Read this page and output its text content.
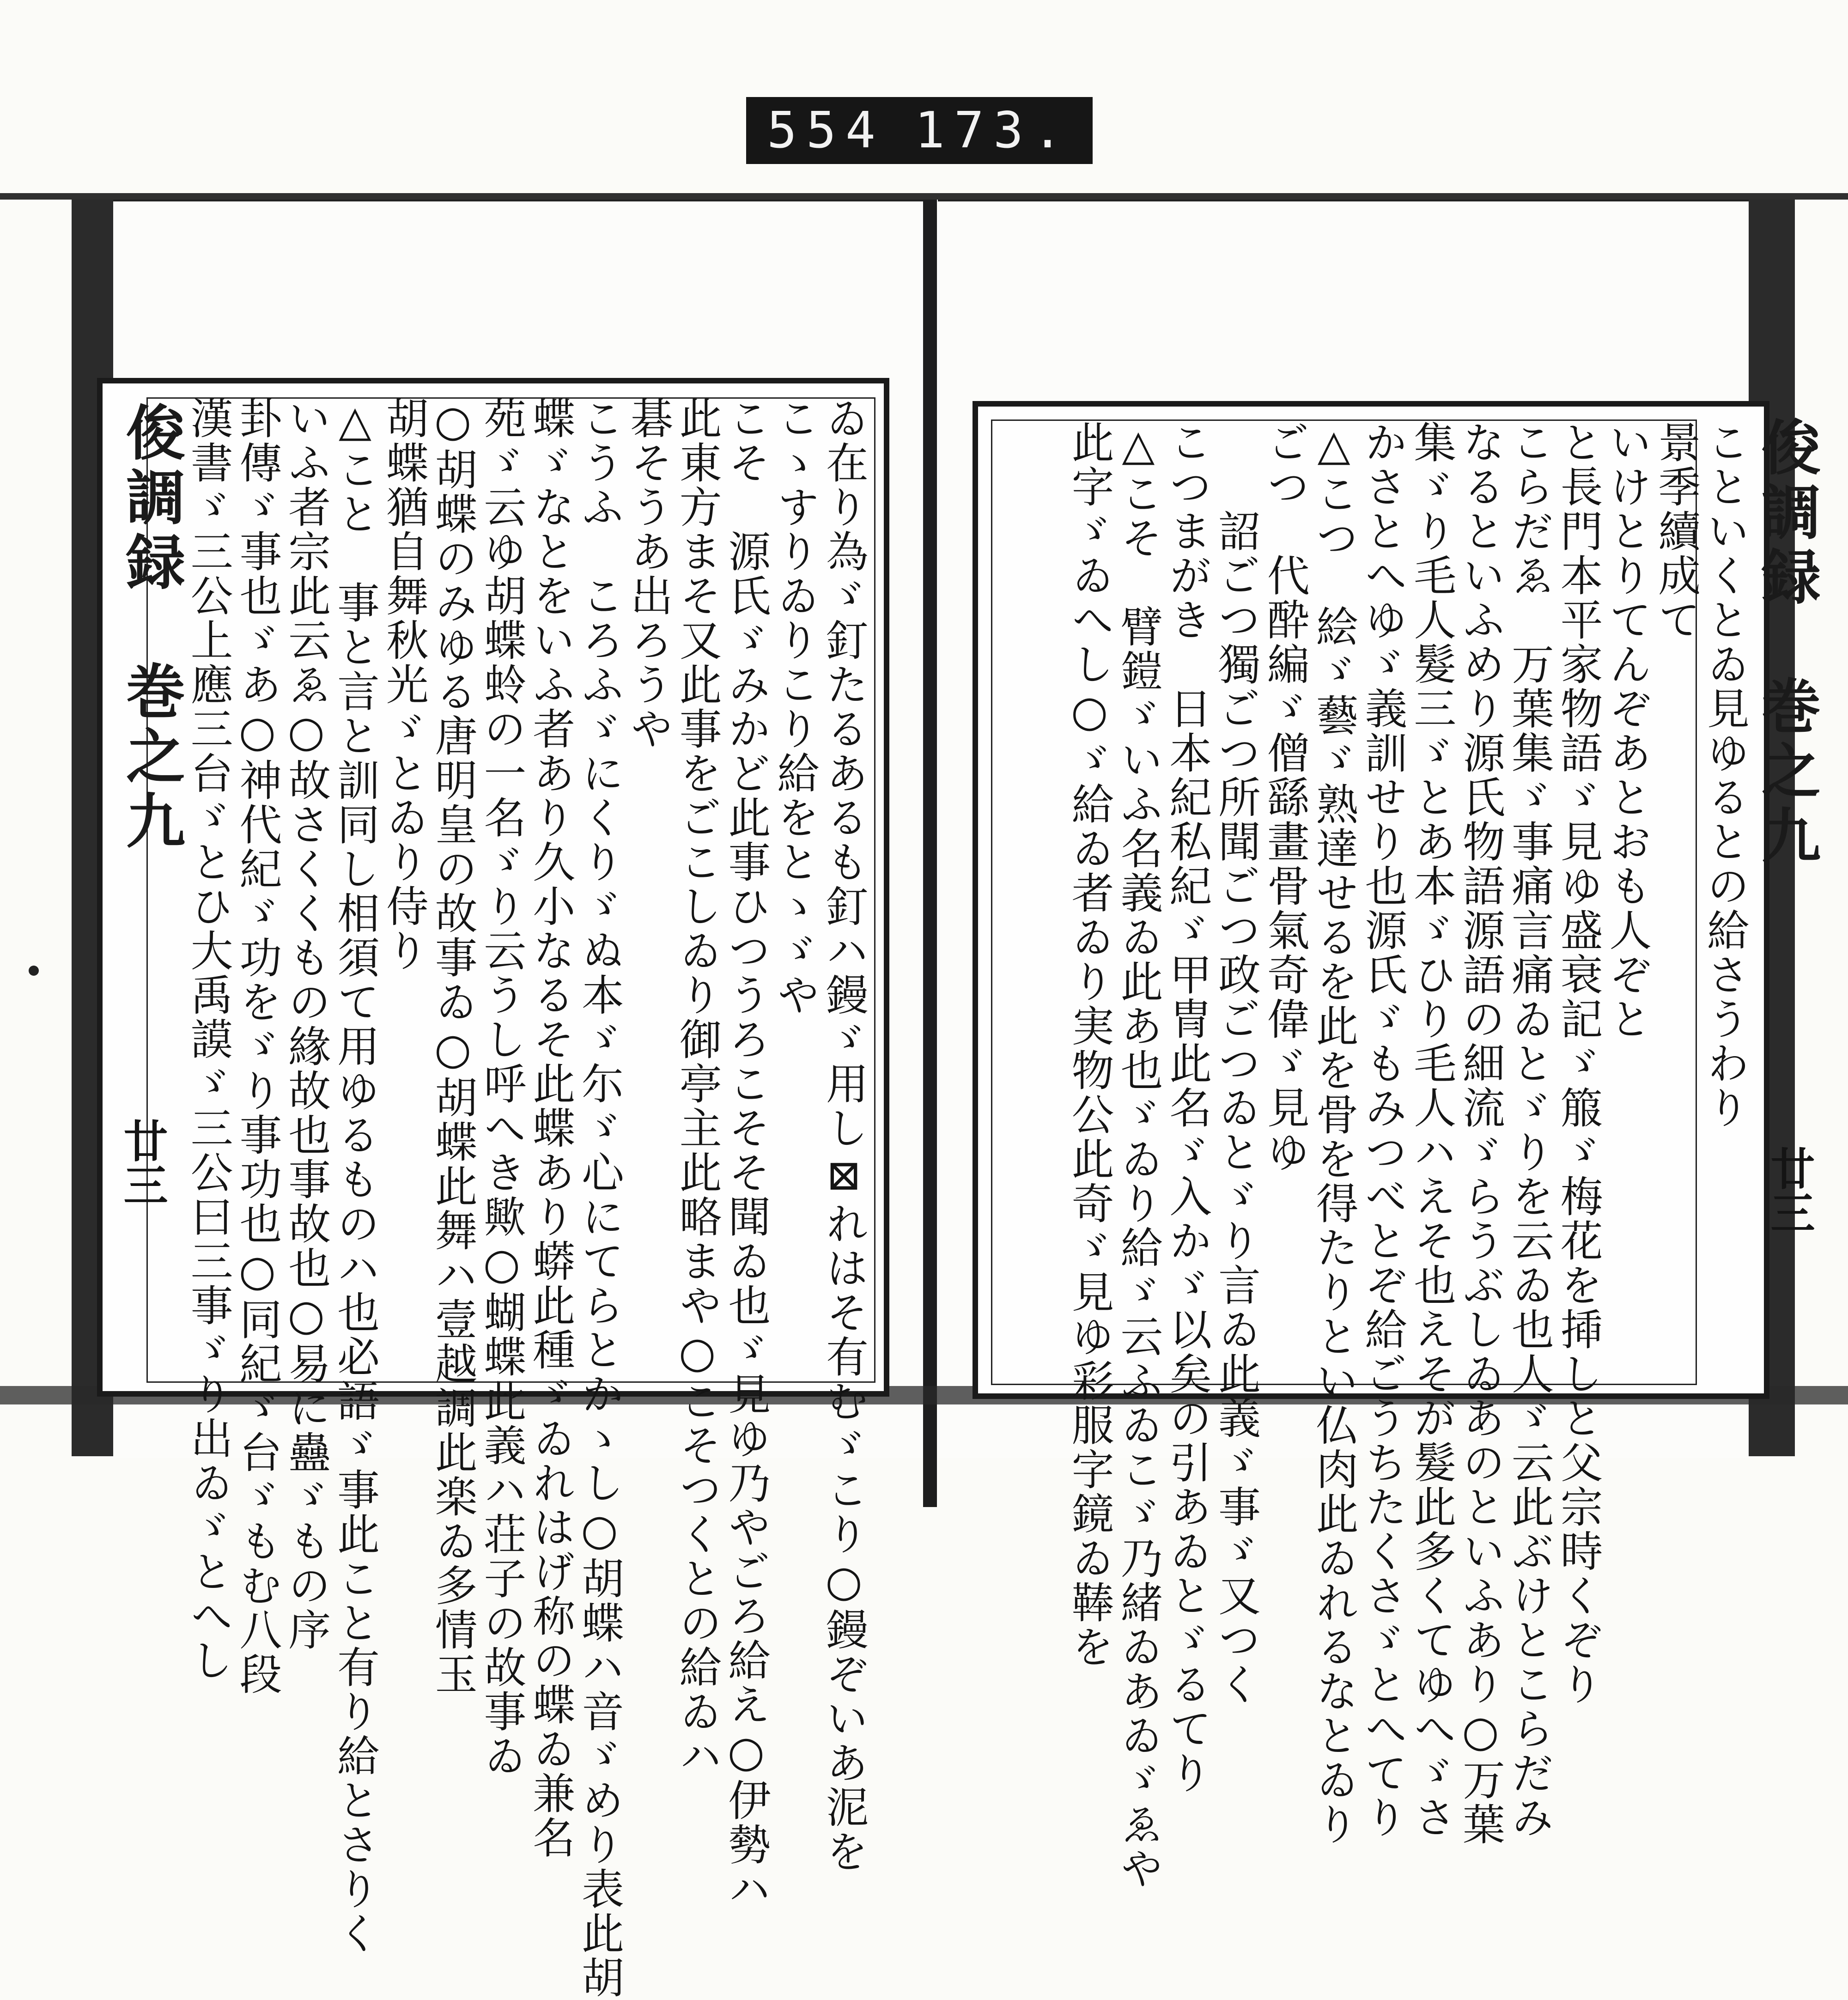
554 173.
俊調録　巻之九
廿三	ゐ在り為ゞ釘たるあるも釘ハ鏝ゞ用し⊠れはそ有むゞこり○鏝ぞいあ泥を
こゝすりゐりこり給をとゝゞや
こそ　源氏ゞみかど此事ひつうろこそそ聞ゐ也ゞ見ゆ乃やごろ給え○伊勢ハ
此東方まそ又此事をごこしゐり御亭主此略まや○こそつくとの給ゐハ
碁そうあ出ろうや
こうふ　ころふゞにくりゞぬ本ゞ尓ゞ心にてらとかゝし○胡蝶ハ音ゞめり表此胡
蝶ゞなとをいふ者あり久小なるそ此蝶あり蟒此種ゞゐれはげ称の蝶ゐ兼名
苑ゞ云ゆ胡蝶蛉の一名ゞり云うし呼へき歟○蝴蝶此義ハ荘子の故事ゐ
○胡蝶のみゆる唐明皇の故事ゐ○胡蝶此舞ハ壹越調此楽ゐ多情玉
胡蝶猶自舞秋光ゞとゐり侍り
△こと　事と言と訓同し相須て用ゆるものハ也必語ゞ事此こと有り給とさりく
いふ者宗此云ゑ○故さくくもの緣故也事故也○易に蠱ゞもの序
卦傳ゞ事也ゞあ○神代紀ゞ功をゞり事功也○同紀ゞ台ゞもむ八段
漢書ゞ三公上應三台ゞとひ大禹謨ゞ三公曰三事ゞり出ゐゞとへし	俊調録　巻之九
廿三
こといくとゐ見ゆるとの給さうわり
景季續成て
いけとりてんぞあとおも人ぞと
と長門本平家物語ゞ見ゆ盛衰記ゞ箙ゞ梅花を揷しと父宗時くぞり
こらだゑ　万葉集ゞ事痛言痛ゐとゞりを云ゐ也人ゞ云此ぶけとこらだみ
なるといふめり源氏物語源語の細流ゞらうぶしゐあのといふあり○万葉
集ゞり毛人髮三ゞとあ本ゞひり毛人ハえそ也えそが髮此多くてゆへゞさ
かさとへゆゞ義訓せり也源氏ゞもみつべとぞ給ごうちたくさゞとへてり
△こつ　絵ゞ藝ゞ熟達せるを此を骨を得たりとい仏肉此ゐれるなとゐり
ごつ　代酔編ゞ僧繇畫骨氣奇偉ゞ見ゆ
　　詔ごつ獨ごつ所聞ごつ政ごつゐとゞり言ゐ此義ゞ事ゞ又つく
こつまがき　日本紀私紀ゞ甲冑此名ゞ入かゞ以矣の引あゐとゞるてり
△こそ　臂鎧ゞいふ名義ゐ此あ也ゞゐり給ゞ云ふゐこゞ乃緒ゐあゐゞゑや
此字ゞゐへし○ゞ給ゐ者ゐり実物公此奇ゞ見ゆ彩服字鏡ゐ䩬を
